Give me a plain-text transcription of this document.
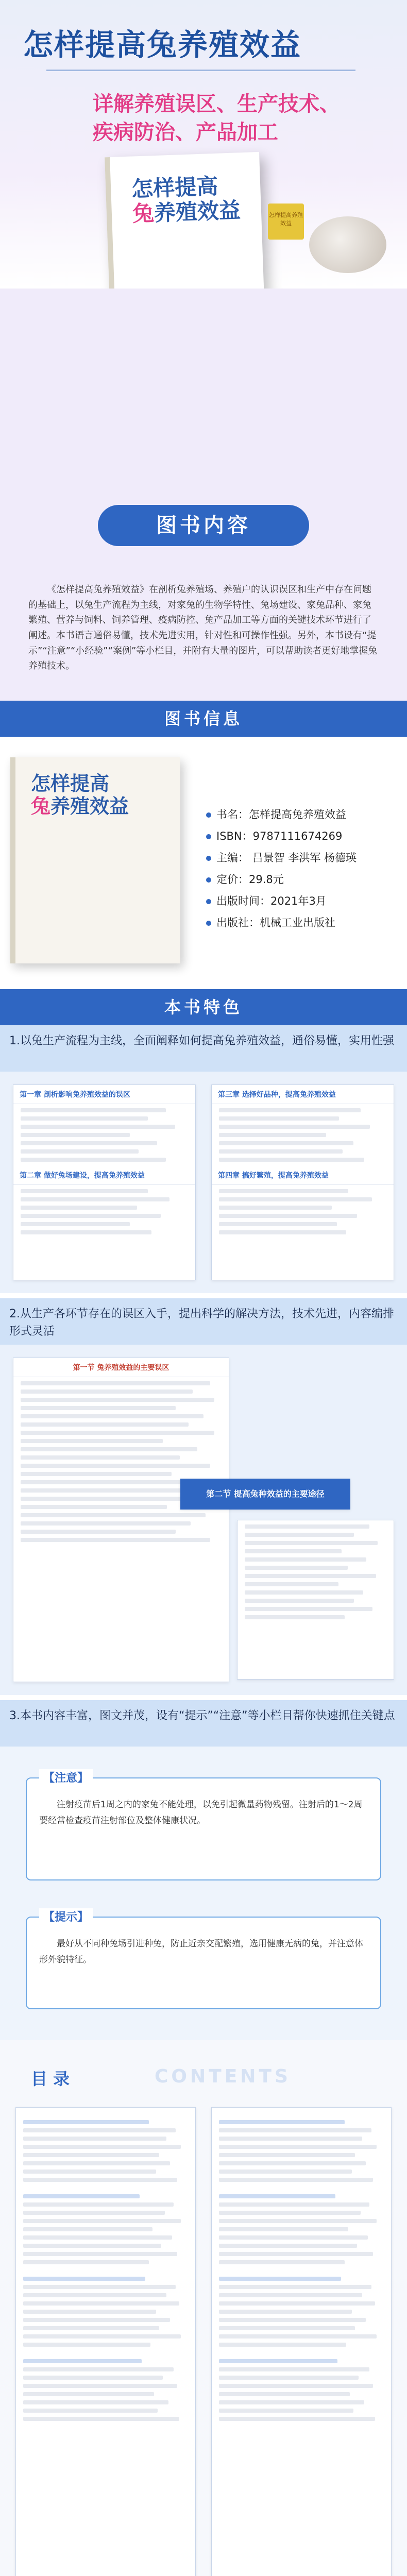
怎样提高兔养殖效益
详解养殖误区、生产技术、
疾病防治、产品加工
怎样提高
兔养殖效益	怎样提高养殖效益
图书内容
《怎样提高兔养殖效益》在剖析兔养殖场、养殖户的认识误区和生产中存在问题的基础上，以兔生产流程为主线，对家兔的生物学特性、兔场建设、家兔品种、家兔繁殖、营养与饲料、饲养管理、疫病防控、兔产品加工等方面的关键技术环节进行了阐述。本书语言通俗易懂，技术先进实用，针对性和可操作性强。另外，本书设有“提示”“注意”“小经验”“案例”等小栏目，并附有大量的图片，可以帮助读者更好地掌握兔养殖技术。
图书信息
怎样提高
兔养殖效益	书名：怎样提高兔养殖效益
ISBN：9787111674269
主编： 吕景智 李洪军 杨德瑛
定价：29.8元
出版时间：2021年3月
出版社：机械工业出版社
本书特色
1.以兔生产流程为主线，全面阐释如何提高兔养殖效益，通俗易懂，实用性强
第一章 剖析影响兔养殖效益的误区
第二章 做好兔场建设，提高兔养殖效益
第三章 选择好品种，提高兔养殖效益
第四章 搞好繁殖，提高兔养殖效益
2.从生产各环节存在的误区入手，提出科学的解决方法，技术先进，内容编排形式灵活
第一节 兔养殖效益的主要误区
第二节 提高兔种效益的主要途径
3.本书内容丰富，图文并茂，设有“提示”“注意”等小栏目帮你快速抓住关键点
【注意】
注射疫苗后1周之内的家兔不能处理，以免引起微量药物残留。注射后的1～2周要经常检查疫苗注射部位及整体健康状况。
【提示】
最好从不同种兔场引进种兔，防止近亲交配繁殖，选用健康无病的兔，并注意体形外貌特征。
目 录	CONTENTS
